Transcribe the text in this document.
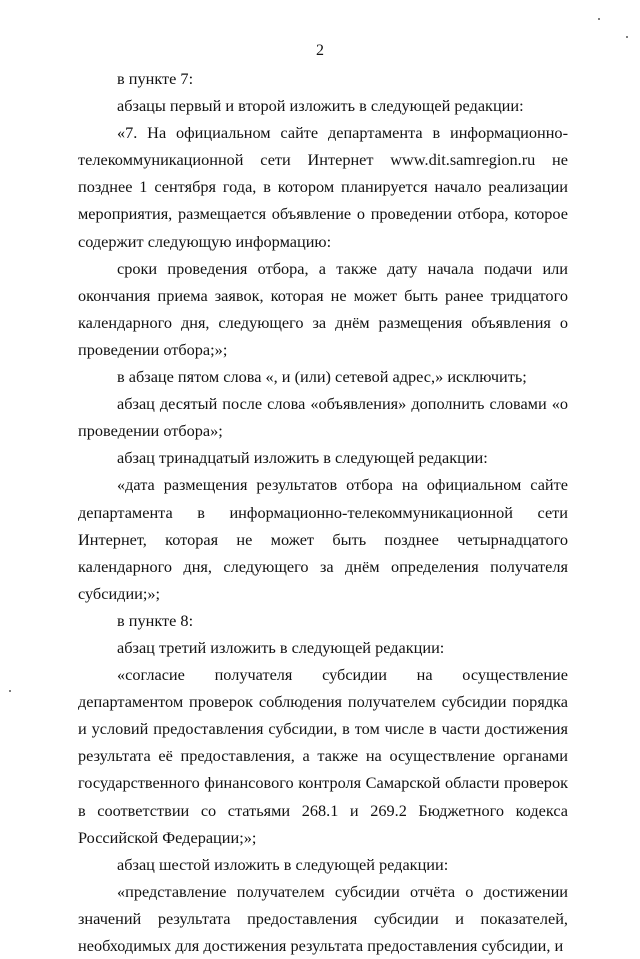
2

в пункте 7:

абзацы первый и второй изложить в следующей редакции:

«7. На официальном сайте департамента в информационно-телекоммуникационной сети Интернет www.dit.samregion.ru не позднее 1 сентября года, в котором планируется начало реализации мероприятия, размещается объявление о проведении отбора, которое содержит следующую информацию:

сроки проведения отбора, а также дату начала подачи или окончания приема заявок, которая не может быть ранее тридцатого календарного дня, следующего за днём размещения объявления о проведении отбора;»;

в абзаце пятом слова «, и (или) сетевой адрес,» исключить;

абзац десятый после слова «объявления» дополнить словами «о проведении отбора»;

абзац тринадцатый изложить в следующей редакции:

«дата размещения результатов отбора на официальном сайте департамента в информационно-телекоммуникационной сети Интернет, которая не может быть позднее четырнадцатого календарного дня, следующего за днём определения получателя субсидии;»;

в пункте 8:

абзац третий изложить в следующей редакции:

«согласие получателя субсидии на осуществление департаментом проверок соблюдения получателем субсидии порядка и условий предоставления субсидии, в том числе в части достижения результата её предоставления, а также на осуществление органами государственного финансового контроля Самарской области проверок в соответствии со статьями 268.1 и 269.2 Бюджетного кодекса Российской Федерации;»;

абзац шестой изложить в следующей редакции:

«представление получателем субсидии отчёта о достижении значений результата предоставления субсидии и показателей, необходимых для достижения результата предоставления субсидии, и
